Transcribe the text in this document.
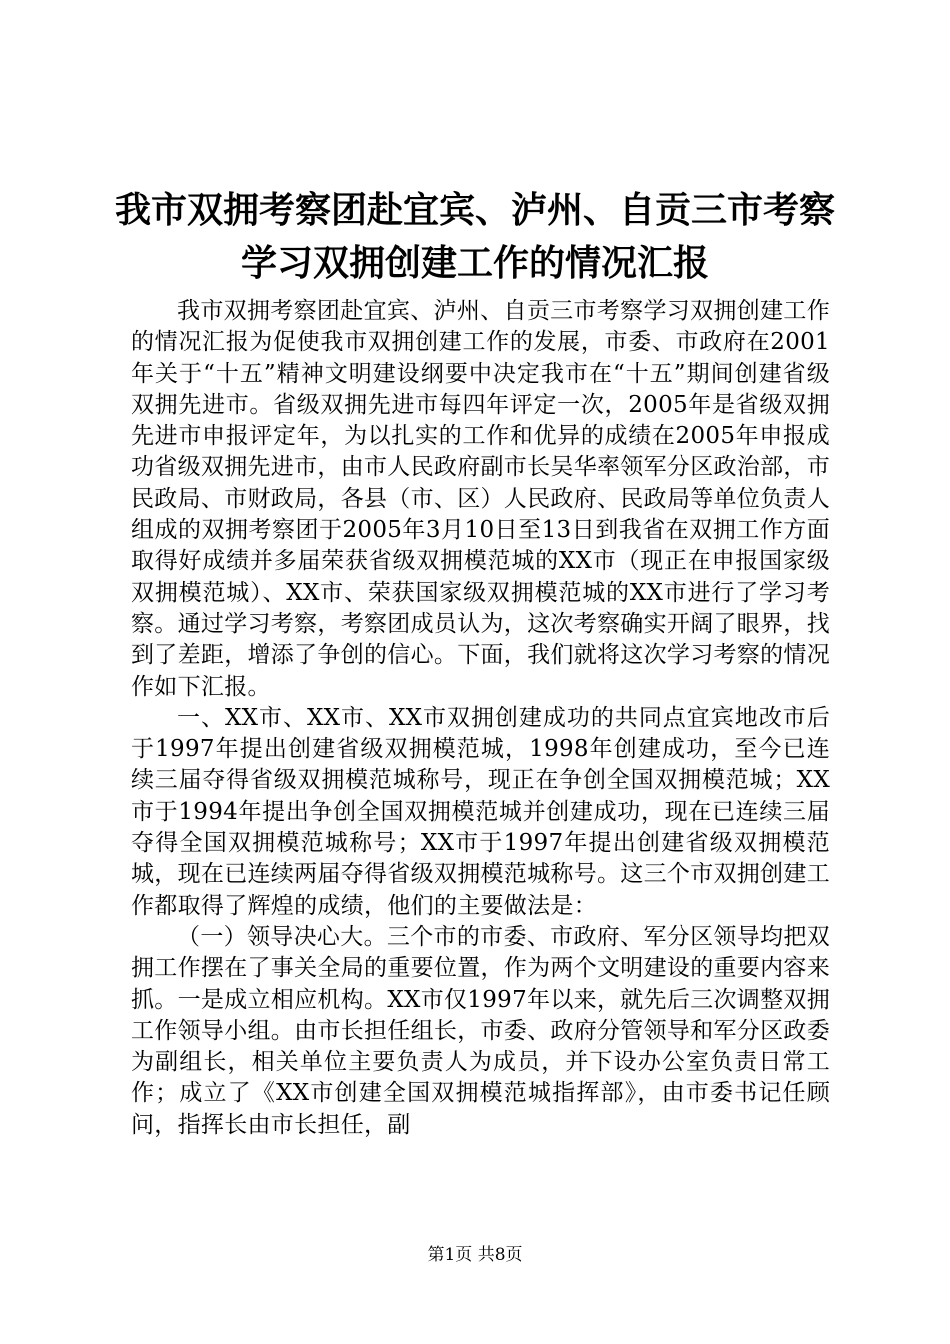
我市双拥考察团赴宜宾、泸州、自贡三市考察
学习双拥创建工作的情况汇报

我市双拥考察团赴宜宾、泸州、自贡三市考察学习双拥创建工作的情况汇报为促使我市双拥创建工作的发展，市委、市政府在2001年关于“十五”精神文明建设纲要中决定我市在“十五”期间创建省级双拥先进市。省级双拥先进市每四年评定一次，2005年是省级双拥先进市申报评定年，为以扎实的工作和优异的成绩在2005年申报成功省级双拥先进市，由市人民政府副市长吴华率领军分区政治部，市民政局、市财政局，各县（市、区）人民政府、民政局等单位负责人组成的双拥考察团于2005年3月10日至13日到我省在双拥工作方面取得好成绩并多届荣获省级双拥模范城的XX市（现正在申报国家级双拥模范城）、XX市、荣获国家级双拥模范城的XX市进行了学习考察。通过学习考察，考察团成员认为，这次考察确实开阔了眼界，找到了差距，增添了争创的信心。下面，我们就将这次学习考察的情况作如下汇报。

一、XX市、XX市、XX市双拥创建成功的共同点宜宾地改市后于1997年提出创建省级双拥模范城，1998年创建成功，至今已连续三届夺得省级双拥模范城称号，现正在争创全国双拥模范城；XX市于1994年提出争创全国双拥模范城并创建成功，现在已连续三届夺得全国双拥模范城称号；XX市于1997年提出创建省级双拥模范城，现在已连续两届夺得省级双拥模范城称号。这三个市双拥创建工作都取得了辉煌的成绩，他们的主要做法是：

（一）领导决心大。三个市的市委、市政府、军分区领导均把双拥工作摆在了事关全局的重要位置，作为两个文明建设的重要内容来抓。一是成立相应机构。XX市仅1997年以来，就先后三次调整双拥工作领导小组。由市长担任组长，市委、政府分管领导和军分区政委为副组长，相关单位主要负责人为成员，并下设办公室负责日常工作；成立了《XX市创建全国双拥模范城指挥部》，由市委书记任顾问，指挥长由市长担任，副

第1页 共8页
